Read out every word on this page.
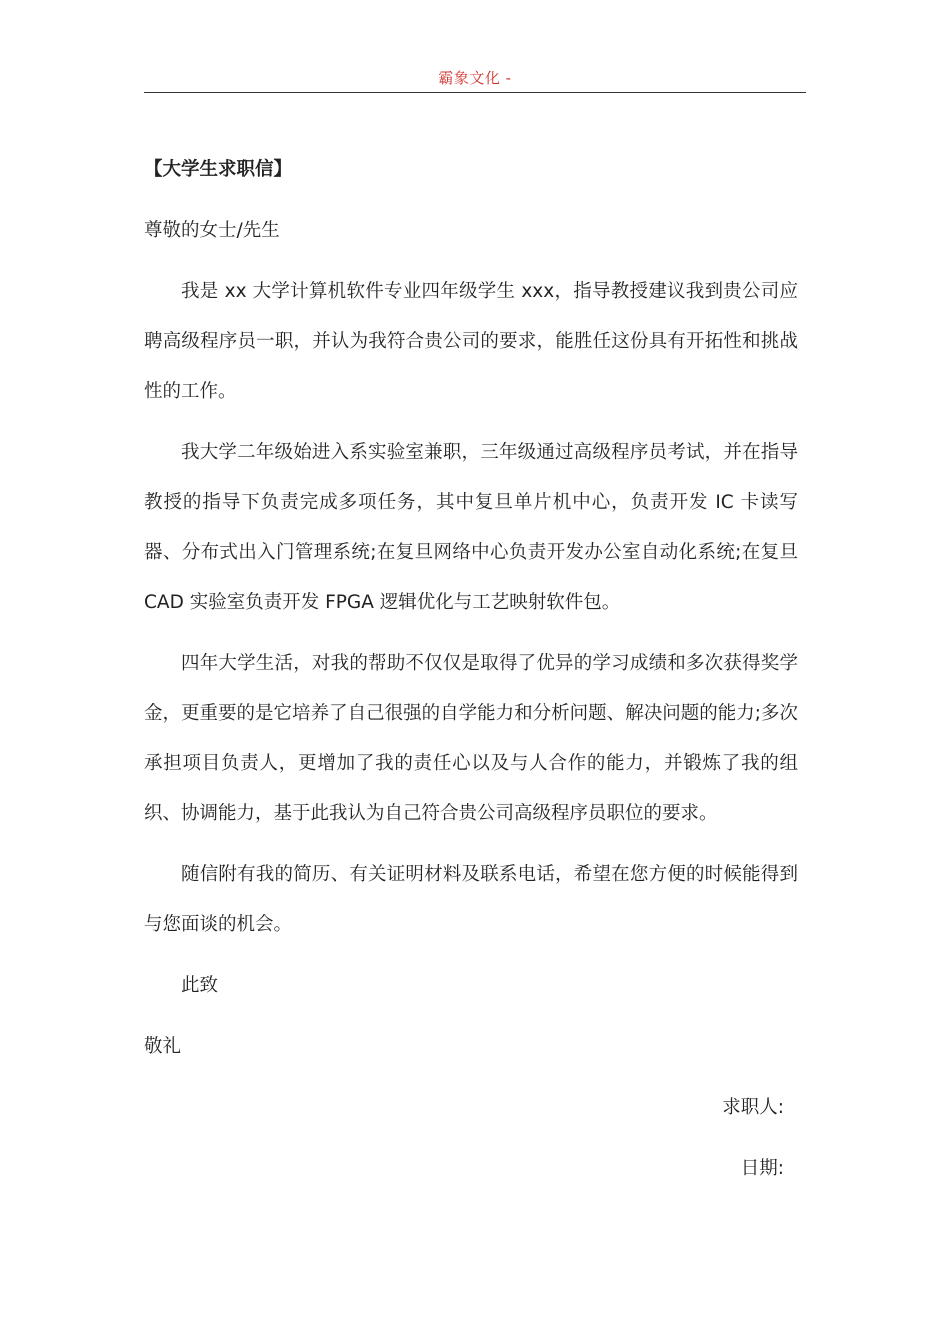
霸象文化 -
【大学生求职信】
尊敬的女士/先生
我是 xx 大学计算机软件专业四年级学生 xxx，指导教授建议我到贵公司应聘高级程序员一职，并认为我符合贵公司的要求，能胜任这份具有开拓性和挑战性的工作。
我大学二年级始进入系实验室兼职，三年级通过高级程序员考试，并在指导教授的指导下负责完成多项任务，其中复旦单片机中心，负责开发 IC 卡读写器、分布式出入门管理系统;在复旦网络中心负责开发办公室自动化系统;在复旦 CAD 实验室负责开发 FPGA 逻辑优化与工艺映射软件包。
四年大学生活，对我的帮助不仅仅是取得了优异的学习成绩和多次获得奖学金，更重要的是它培养了自己很强的自学能力和分析问题、解决问题的能力;多次承担项目负责人，更增加了我的责任心以及与人合作的能力，并锻炼了我的组织、协调能力，基于此我认为自己符合贵公司高级程序员职位的要求。
随信附有我的简历、有关证明材料及联系电话，希望在您方便的时候能得到与您面谈的机会。
此致
敬礼
求职人:
日期:
